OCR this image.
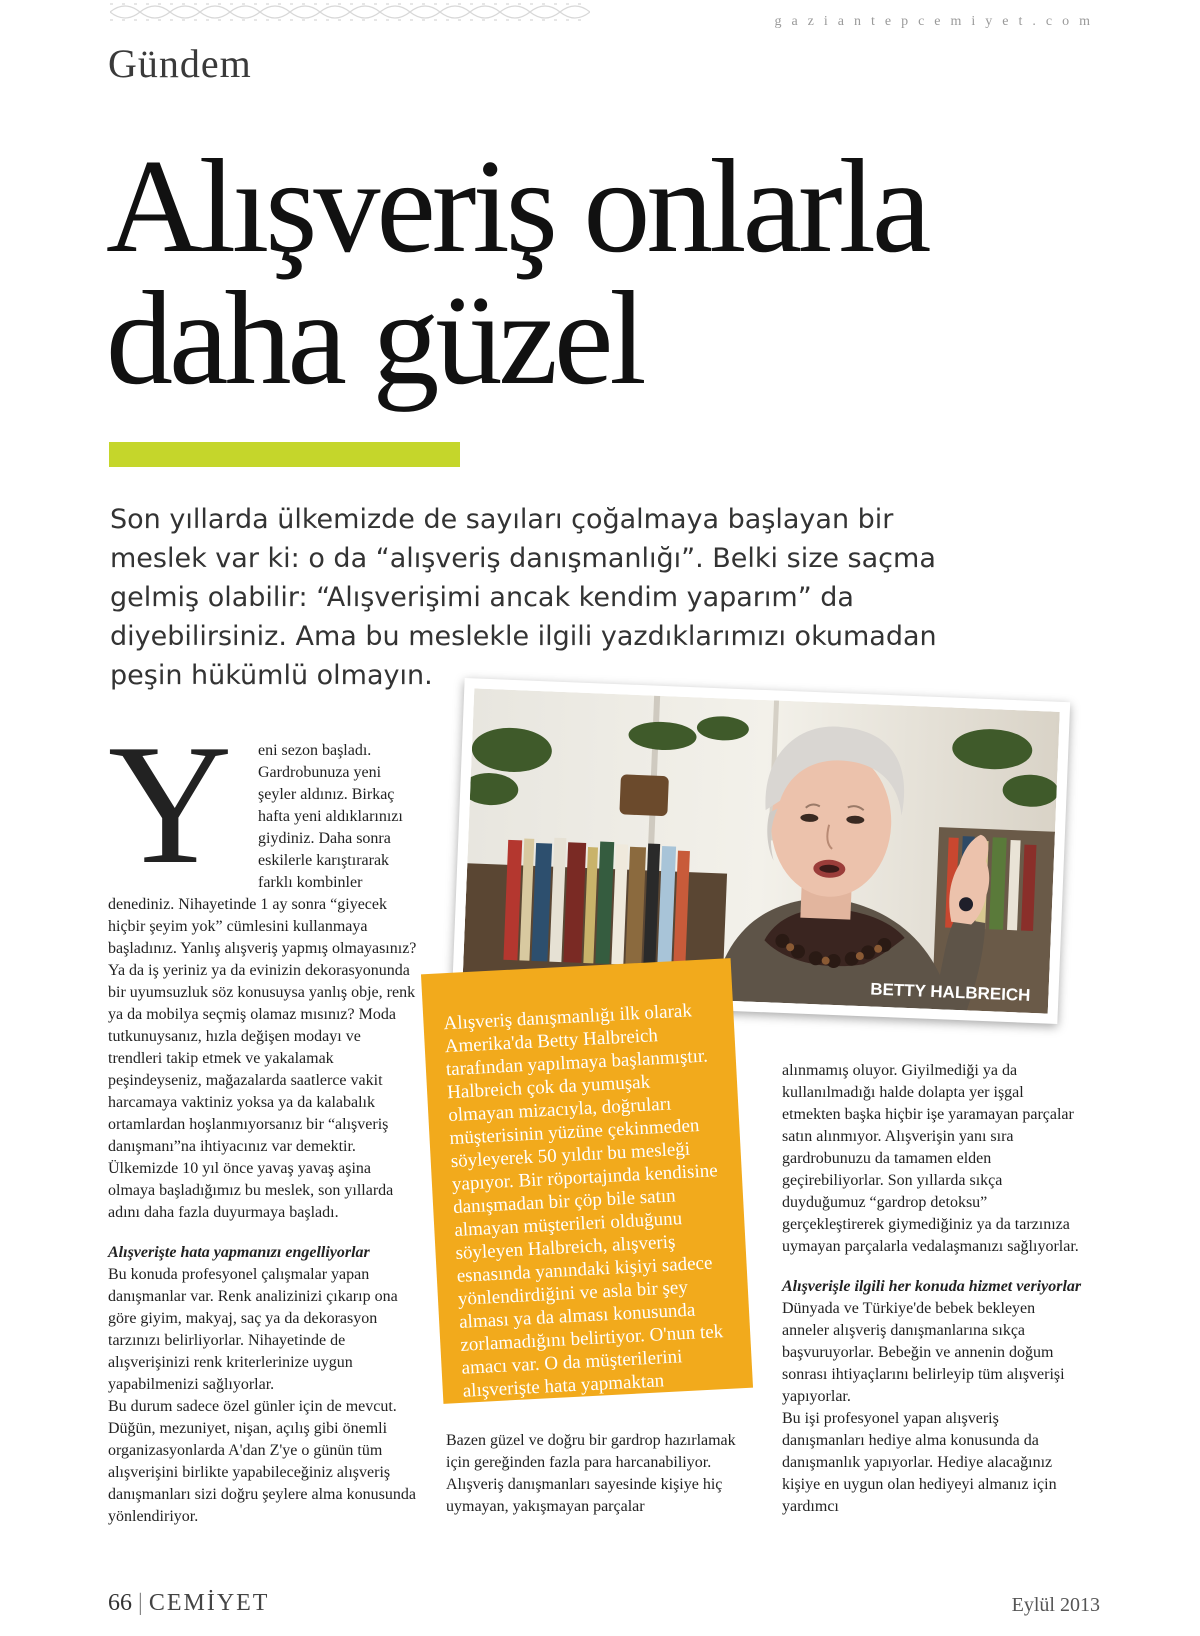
gaziantepcemiyet.com
Gündem
Alışveriş onlarla
daha güzel

Son yıllarda ülkemizde de sayıları çoğalmaya başlayan bir meslek var ki: o da “alışveriş danışmanlığı”. Belki size saçma gelmiş olabilir: “Alışverişimi ancak kendim yaparım” da diyebilirsiniz. Ama bu meslekle ilgili yazdıklarımızı okumadan peşin hükümlü olmayın.

Y	eni sezon başladı. Gardrobunuza yeni şeyler aldınız. Birkaç hafta yeni aldıklarınızı giydiniz. Daha sonra eskilerle karıştırarak farklı kombinler denediniz. Nihayetinde 1 ay sonra “giyecek hiçbir şeyim yok” cümlesini kullanmaya başladınız. Yanlış alışveriş yapmış olmayasınız? Ya da iş yeriniz ya da evinizin dekorasyonunda bir uyumsuzluk söz konusuysa yanlış obje, renk ya da mobilya seçmiş olamaz mısınız? Moda tutkunuysanız, hızla değişen modayı ve trendleri takip etmek ve yakalamak peşindeyseniz, mağazalarda saatlerce vakit harcamaya vaktiniz yoksa ya da kalabalık ortamlardan hoşlanmıyorsanız bir “alışveriş danışmanı”na ihtiyacınız var demektir. Ülkemizde 10 yıl önce yavaş yavaş aşina olmaya başladığımız bu meslek, son yıllarda adını daha fazla duyurmaya başladı.

Alışverişte hata yapmanızı engelliyorlar

Bu konuda profesyonel çalışmalar yapan danışmanlar var. Renk analizinizi çıkarıp ona göre giyim, makyaj, saç ya da dekorasyon tarzınızı belirliyorlar. Nihayetinde de alışverişinizi renk kriterlerinize uygun yapabilmenizi sağlıyorlar.

Bu durum sadece özel günler için de mevcut. Düğün, mezuniyet, nişan, açılış gibi önemli organizasyonlarda A'dan Z'ye o günün tüm alışverişini birlikte yapabileceğiniz alışveriş danışmanları sizi doğru şeylere alma konusunda yönlendiriyor.

BETTY HALBREICH

Alışveriş danışmanlığı ilk olarak Amerika'da Betty Halbreich tarafından yapılmaya başlanmıştır. Halbreich çok da yumuşak olmayan mizacıyla, doğruları müşterisinin yüzüne çekinmeden söyleyerek 50 yıldır bu mesleği yapıyor. Bir röportajında kendisine danışmadan bir çöp bile satın almayan müşterileri olduğunu söyleyen Halbreich, alışveriş esnasında yanındaki kişiyi sadece yönlendirdiğini ve asla bir şey alması ya da alması konusunda zorlamadığını belirtiyor. O'nun tek amacı var. O da müşterilerini alışverişte hata yapmaktan kurtarmak.

Bazen güzel ve doğru bir gardrop hazırlamak için gereğinden fazla para harcanabiliyor. Alışveriş danışmanları sayesinde kişiye hiç uymayan, yakışmayan parçalar

alınmamış oluyor. Giyilmediği ya da kullanılmadığı halde dolapta yer işgal etmekten başka hiçbir işe yaramayan parçalar satın alınmıyor. Alışverişin yanı sıra gardrobunuzu da tamamen elden geçirebiliyorlar. Son yıllarda sıkça duyduğumuz “gardrop detoksu” gerçekleştirerek giymediğiniz ya da tarzınıza uymayan parçalarla vedalaşmanızı sağlıyorlar.

Alışverişle ilgili her konuda hizmet veriyorlar

Dünyada ve Türkiye'de bebek bekleyen anneler alışveriş danışmanlarına sıkça başvuruyorlar. Bebeğin ve annenin doğum sonrası ihtiyaçlarını belirleyip tüm alışverişi yapıyorlar.

Bu işi profesyonel yapan alışveriş danışmanları hediye alma konusunda da danışmanlık yapıyorlar. Hediye alacağınız kişiye en uygun olan hediyeyi almanız için yardımcı

66 | CEMİYET	Eylül 2013
